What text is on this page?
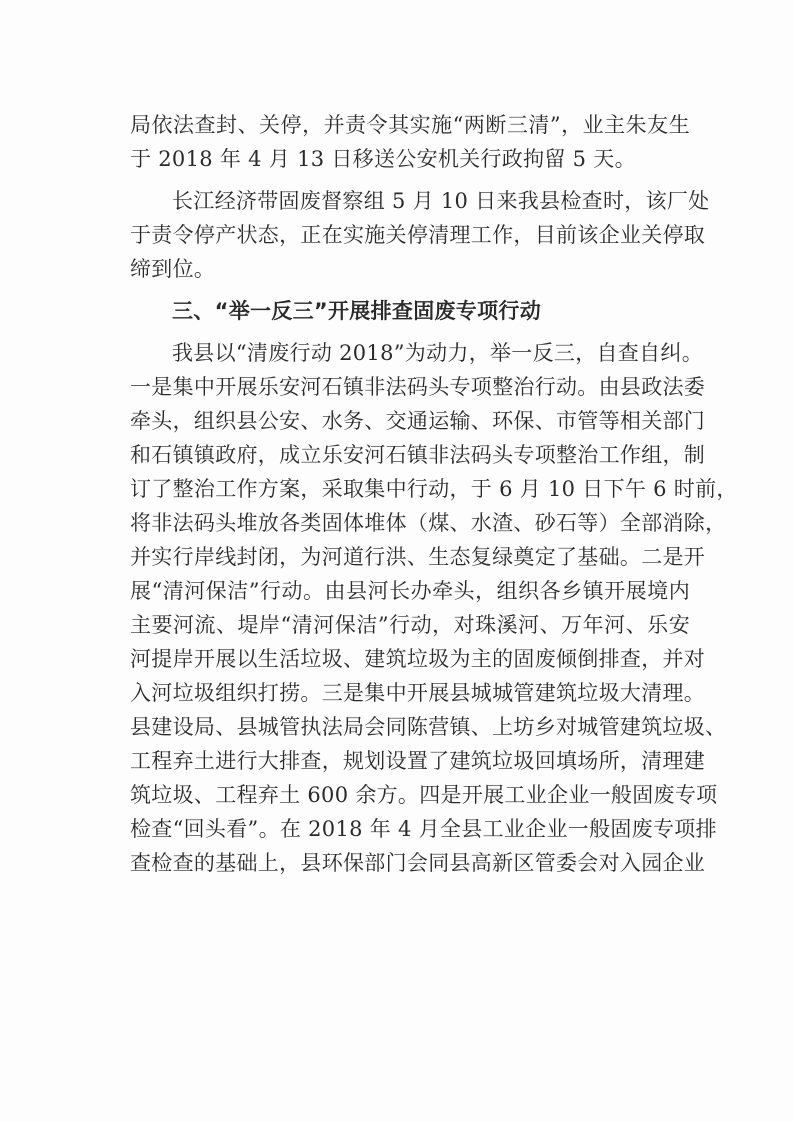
局依法查封、关停，并责令其实施“两断三清”，业主朱友生
于 2018 年 4 月 13 日移送公安机关行政拘留 5 天。
长江经济带固废督察组 5 月 10 日来我县检查时，该厂处
于责令停产状态，正在实施关停清理工作，目前该企业关停取
缔到位。
三、“举一反三”开展排查固废专项行动
我县以“清废行动 2018”为动力，举一反三，自查自纠。
一是集中开展乐安河石镇非法码头专项整治行动。由县政法委
牵头，组织县公安、水务、交通运输、环保、市管等相关部门
和石镇镇政府，成立乐安河石镇非法码头专项整治工作组，制
订了整治工作方案，采取集中行动，于 6 月 10 日下午 6 时前，
将非法码头堆放各类固体堆体（煤、水渣、砂石等）全部消除，
并实行岸线封闭，为河道行洪、生态复绿奠定了基础。二是开
展“清河保洁”行动。由县河长办牵头，组织各乡镇开展境内
主要河流、堤岸“清河保洁”行动，对珠溪河、万年河、乐安
河提岸开展以生活垃圾、建筑垃圾为主的固废倾倒排查，并对
入河垃圾组织打捞。三是集中开展县城城管建筑垃圾大清理。
县建设局、县城管执法局会同陈营镇、上坊乡对城管建筑垃圾、
工程弃土进行大排查，规划设置了建筑垃圾回填场所，清理建
筑垃圾、工程弃土 600 余方。四是开展工业企业一般固废专项
检查“回头看”。在 2018 年 4 月全县工业企业一般固废专项排
查检查的基础上，县环保部门会同县高新区管委会对入园企业
